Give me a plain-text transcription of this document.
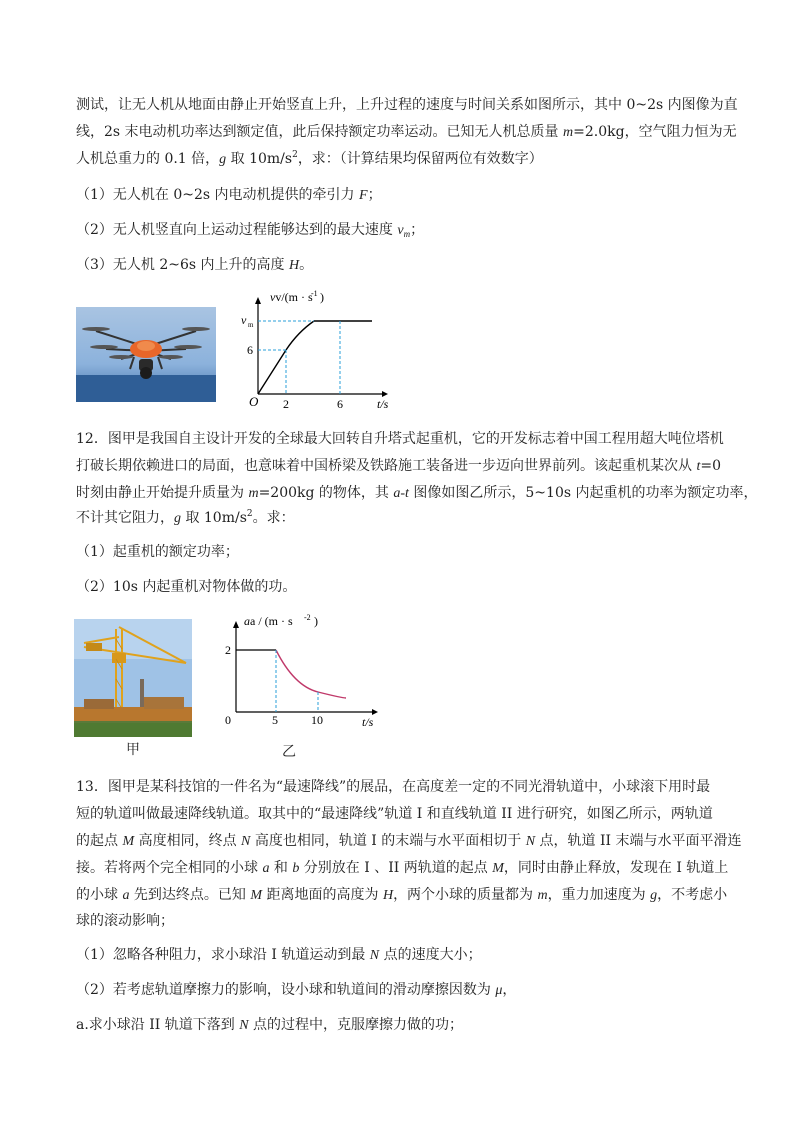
测试，让无人机从地面由静止开始竖直上升，上升过程的速度与时间关系如图所示，其中 0~2s 内图像为直
线，2s 末电动机功率达到额定值，此后保持额定功率运动。已知无人机总质量 m=2.0kg，空气阻力恒为无
人机总重力的 0.1 倍，g 取 $10m/s^2$，求：（计算结果均保留两位有效数字）
（1）无人机在 0~2s 内电动机提供的牵引力 F；
（2）无人机竖直向上运动过程能够达到的最大速度 $v_m$；
（3）无人机 2~6s 内上升的高度 H。
vv/(m · s
-1 )
v m
6
O 2	6	t/s
12．图甲是我国自主设计开发的全球最大回转自升塔式起重机，它的开发标志着中国工程用超大吨位塔机
打破长期依赖进口的局面，也意味着中国桥梁及铁路施工装备进一步迈向世界前列。该起重机某次从 t=0
时刻由静止开始提升质量为 m=200kg 的物体，其 a-t 图像如图乙所示，5~10s 内起重机的功率为额定功率，
不计其它阻力，g 取 $10m/s^2$。求：
（1）起重机的额定功率；
（2）10s 内起重机对物体做的功。
aa / (m · s -2 )
2
0	5	10	t/s
甲	乙
13．图甲是某科技馆的一件名为“最速降线”的展品，在高度差一定的不同光滑轨道中，小球滚下用时最
短的轨道叫做最速降线轨道。取其中的“最速降线”轨道 I 和直线轨道 II 进行研究，如图乙所示，两轨道
的起点 M 高度相同，终点 N 高度也相同，轨道 I 的末端与水平面相切于 N 点，轨道 II 末端与水平面平滑连
接。若将两个完全相同的小球 a 和 b 分别放在 I 、II 两轨道的起点 M，同时由静止释放，发现在 I 轨道上
的小球 a 先到达终点。已知 M 距离地面的高度为 H，两个小球的质量都为 m，重力加速度为 g，不考虑小
球的滚动影响；
（1）忽略各种阻力，求小球沿 I 轨道运动到最 N 点的速度大小；
（2）若考虑轨道摩擦力的影响，设小球和轨道间的滑动摩擦因数为 μ，
a.求小球沿 II 轨道下落到 N 点的过程中，克服摩擦力做的功；
